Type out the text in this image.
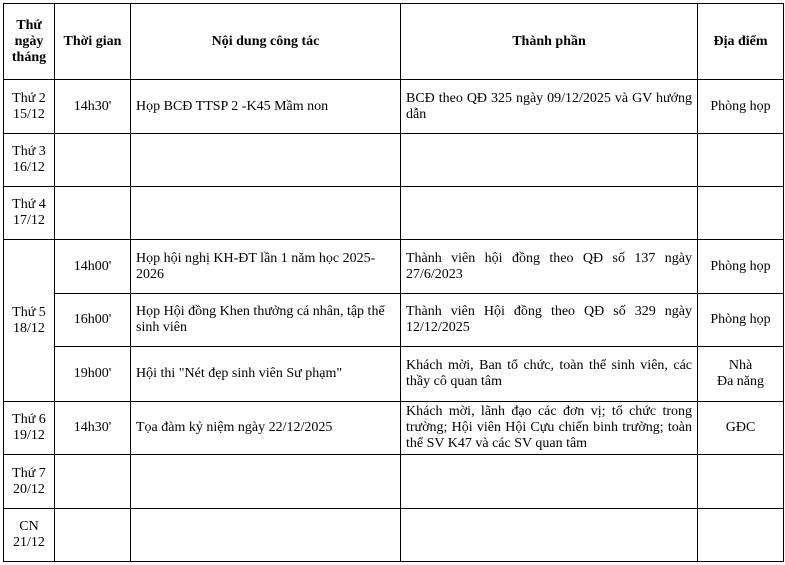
Thứ
ngày
tháng	Thời gian	Nội dung công tác	Thành phần	Địa điểm

Thứ 2
15/12	14h30'	Họp BCĐ TTSP 2 -K45 Mầm non	BCĐ theo QĐ 325 ngày 09/12/2025 và GV hướng dẫn	Phòng họp

Thứ 3
16/12				

Thứ 4
17/12				

Thứ 5
18/12	14h00'	Họp hội nghị KH-ĐT lần 1 năm học 2025-2026	Thành viên hội đồng theo QĐ số 137 ngày 27/6/2023	Phòng họp
	16h00'	Họp Hội đồng Khen thưởng cá nhân, tập thể sinh viên	Thành viên Hội đồng theo QĐ số 329 ngày 12/12/2025	Phòng họp
	19h00'	Hội thi "Nét đẹp sinh viên Sư phạm"	Khách mời, Ban tổ chức, toàn thể sinh viên, các thầy cô quan tâm	Nhà
Đa năng

Thứ 6
19/12	14h30'	Tọa đàm kỷ niệm ngày 22/12/2025	Khách mời, lãnh đạo các đơn vị; tổ chức trong trường; Hội viên Hội Cựu chiến binh trường; toàn thể SV K47 và các SV quan tâm	GĐC

Thứ 7
20/12				

CN
21/12				
